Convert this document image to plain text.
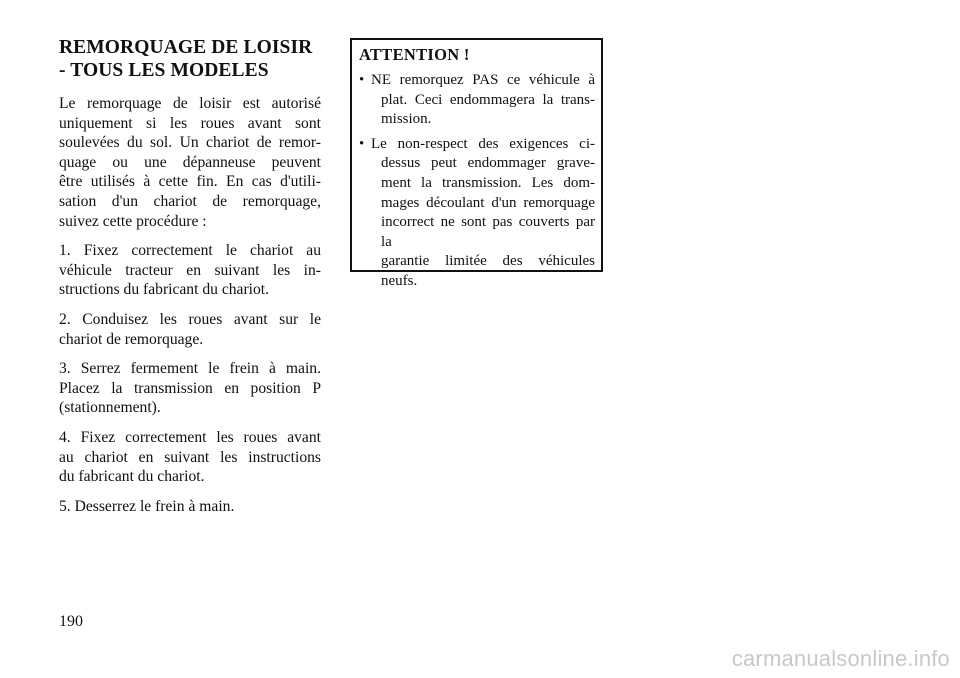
REMORQUAGE DE LOISIR
- TOUS LES MODELES

Le remorquage de loisir est autorisé
uniquement si les roues avant sont
soulevées du sol. Un chariot de remor-
quage ou une dépanneuse peuvent
être utilisés à cette fin. En cas d'utili-
sation d'un chariot de remorquage,
suivez cette procédure :

1. Fixez correctement le chariot au
véhicule tracteur en suivant les in-
structions du fabricant du chariot.

2. Conduisez les roues avant sur le
chariot de remorquage.

3. Serrez fermement le frein à main.
Placez la transmission en position P
(stationnement).

4. Fixez correctement les roues avant
au chariot en suivant les instructions
du fabricant du chariot.

5. Desserrez le frein à main.

ATTENTION !
• NE remorquez PAS ce véhicule à
plat. Ceci endommagera la trans-
mission.
• Le non-respect des exigences ci-
dessus peut endommager grave-
ment la transmission. Les dom-
mages découlant d'un remorquage
incorrect ne sont pas couverts par la
garantie limitée des véhicules
neufs.
190
carmanualsonline.info
